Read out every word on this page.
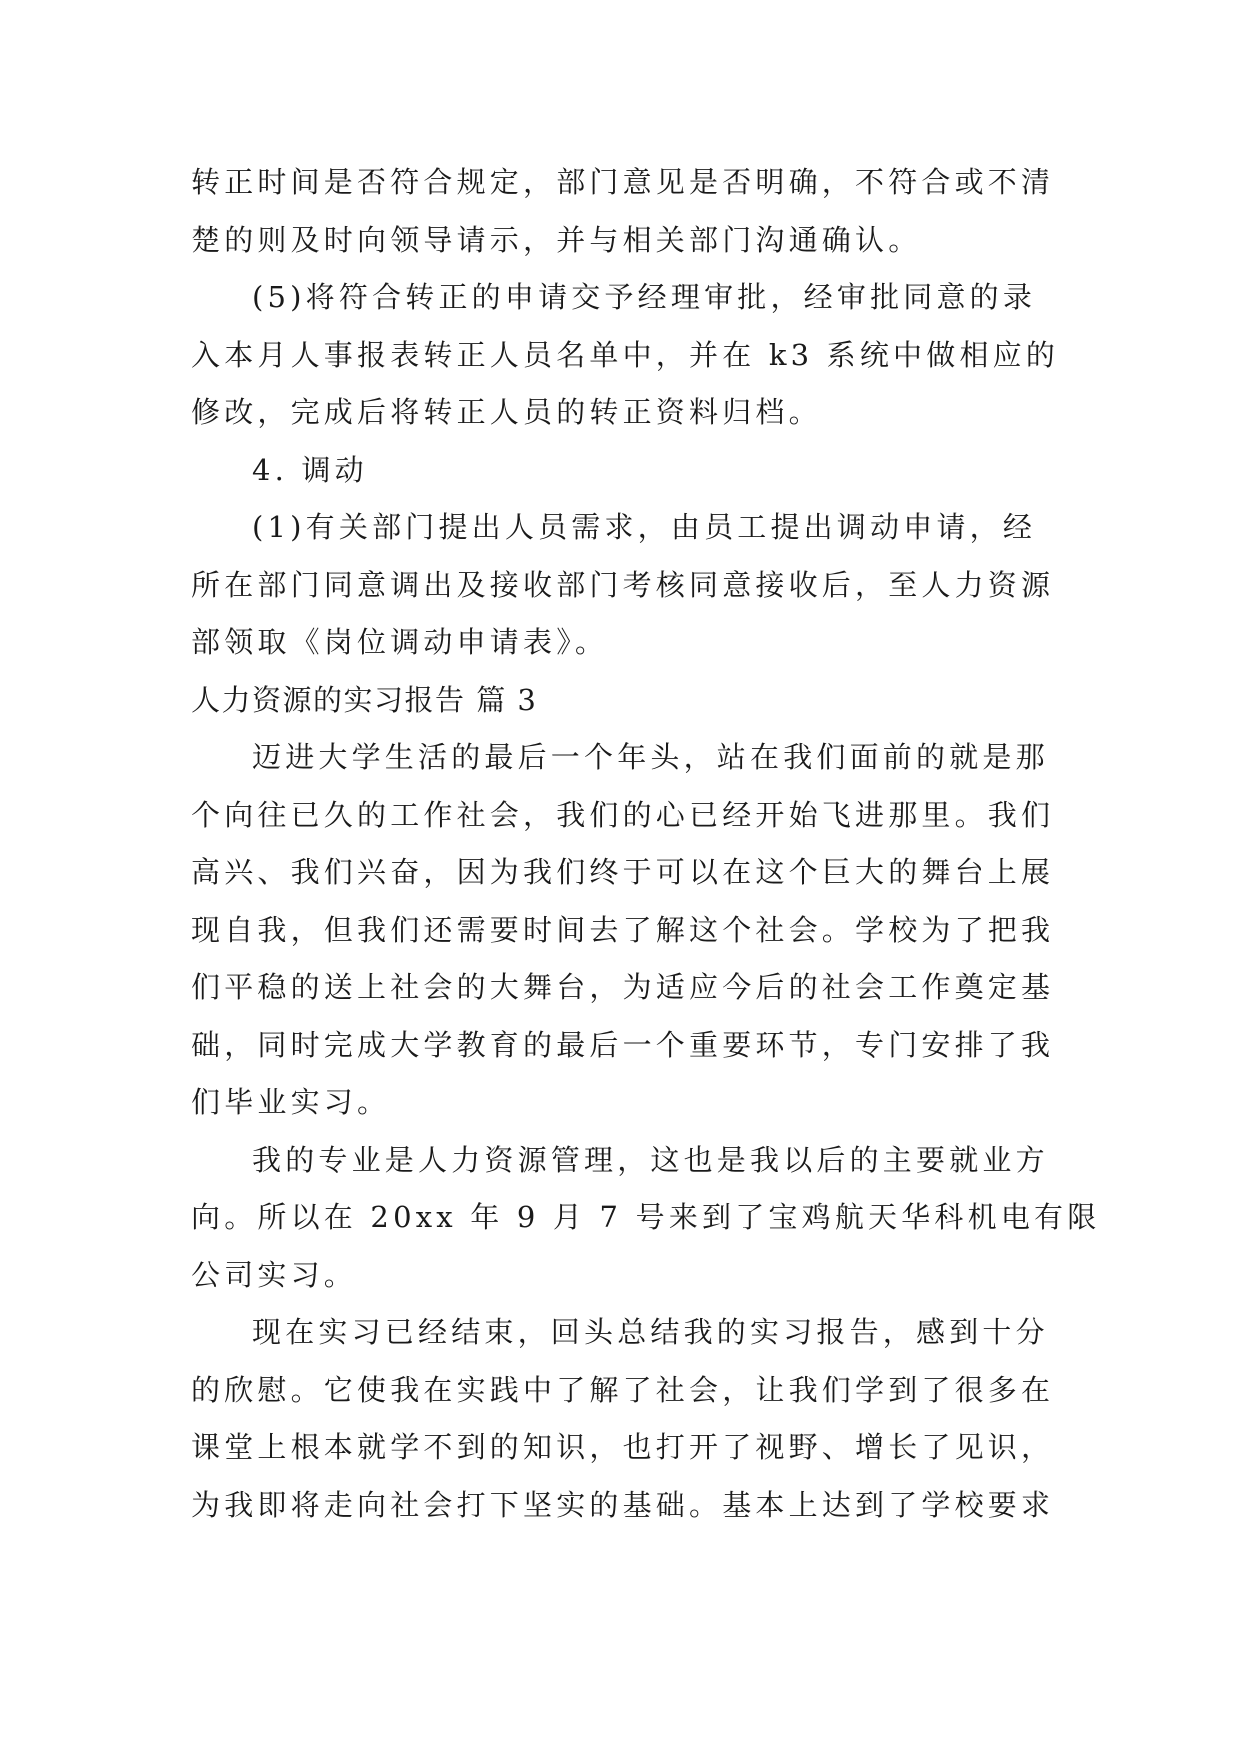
转正时间是否符合规定，部门意见是否明确，不符合或不清
楚的则及时向领导请示，并与相关部门沟通确认。
(5)将符合转正的申请交予经理审批，经审批同意的录
入本月人事报表转正人员名单中，并在 k3 系统中做相应的
修改，完成后将转正人员的转正资料归档。
4. 调动
(1)有关部门提出人员需求，由员工提出调动申请，经
所在部门同意调出及接收部门考核同意接收后，至人力资源
部领取《岗位调动申请表》。
人力资源的实习报告 篇 3
迈进大学生活的最后一个年头，站在我们面前的就是那
个向往已久的工作社会，我们的心已经开始飞进那里。我们
高兴、我们兴奋，因为我们终于可以在这个巨大的舞台上展
现自我，但我们还需要时间去了解这个社会。学校为了把我
们平稳的送上社会的大舞台，为适应今后的社会工作奠定基
础，同时完成大学教育的最后一个重要环节，专门安排了我
们毕业实习。
我的专业是人力资源管理，这也是我以后的主要就业方
向。所以在 20xx 年 9 月 7 号来到了宝鸡航天华科机电有限
公司实习。
现在实习已经结束，回头总结我的实习报告，感到十分
的欣慰。它使我在实践中了解了社会，让我们学到了很多在
课堂上根本就学不到的知识，也打开了视野、增长了见识，
为我即将走向社会打下坚实的基础。基本上达到了学校要求
